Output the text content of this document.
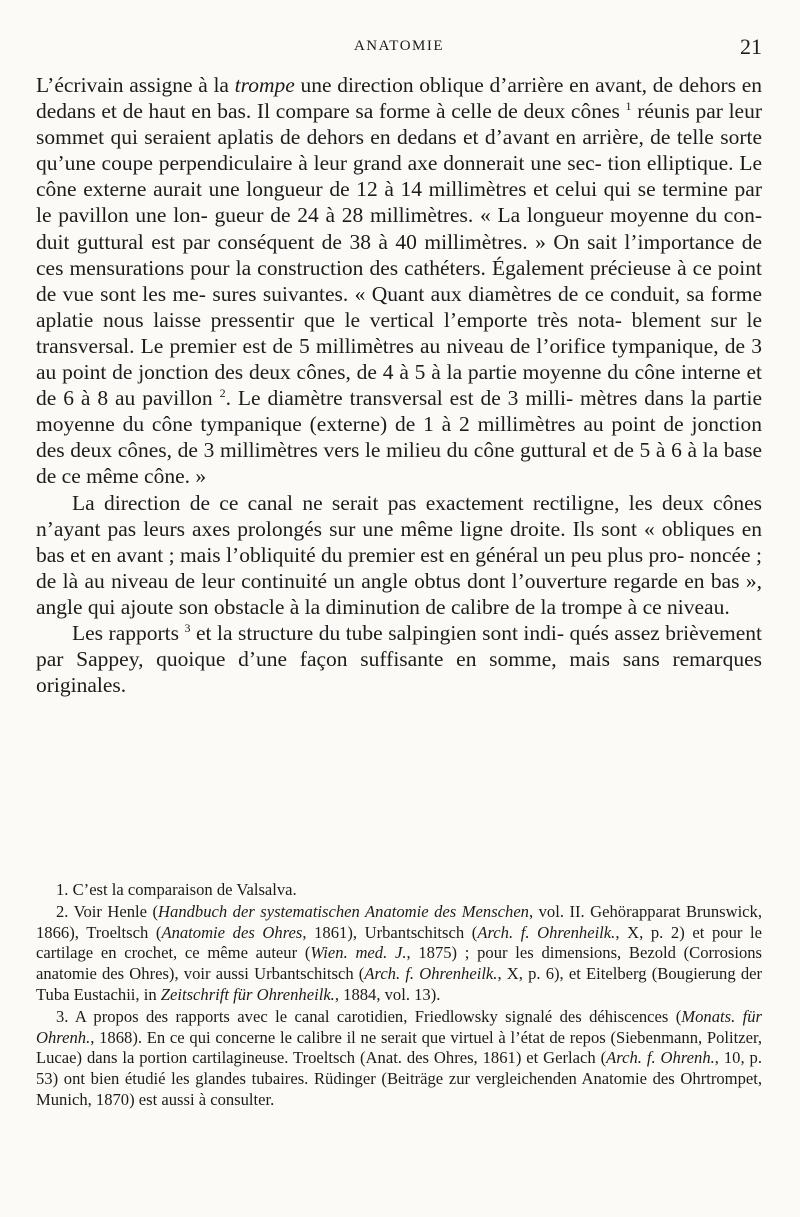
ANATOMIE	21

L’écrivain assigne à la trompe une direction oblique d’arrière en avant, de dehors en dedans et de haut en bas. Il compare sa forme à celle de deux cônes $^1$ réunis par leur sommet qui seraient aplatis de dehors en dedans et d’avant en arrière, de telle sorte qu’une coupe perpendiculaire à leur grand axe donnerait une sec- tion elliptique. Le cône externe aurait une longueur de 12 à 14 millimètres et celui qui se termine par le pavillon une lon- gueur de 24 à 28 millimètres. « La longueur moyenne du con- duit guttural est par conséquent de 38 à 40 millimètres. » On sait l’importance de ces mensurations pour la construction des cathéters. Également précieuse à ce point de vue sont les me- sures suivantes. « Quant aux diamètres de ce conduit, sa forme aplatie nous laisse pressentir que le vertical l’emporte très nota- blement sur le transversal. Le premier est de 5 millimètres au niveau de l’orifice tympanique, de 3 au point de jonction des deux cônes, de 4 à 5 à la partie moyenne du cône interne et de 6 à 8 au pavillon $^2$. Le diamètre transversal est de 3 milli- mètres dans la partie moyenne du cône tympanique (externe) de 1 à 2 millimètres au point de jonction des deux cônes, de 3 millimètres vers le milieu du cône guttural et de 5 à 6 à la base de ce même cône. »

La direction de ce canal ne serait pas exactement rectiligne, les deux cônes n’ayant pas leurs axes prolongés sur une même ligne droite. Ils sont « obliques en bas et en avant ; mais l’obliquité du premier est en général un peu plus pro- noncée ; de là au niveau de leur continuité un angle obtus dont l’ouverture regarde en bas », angle qui ajoute son obstacle à la diminution de calibre de la trompe à ce niveau.

Les rapports $^3$ et la structure du tube salpingien sont indi- qués assez brièvement par Sappey, quoique d’une façon suffisante en somme, mais sans remarques originales.

1. C’est la comparaison de Valsalva.

2. Voir Henle (Handbuch der systematischen Anatomie des Menschen, vol. II. Gehörapparat Brunswick, 1866), Troeltsch (Anatomie des Ohres, 1861), Urbantschitsch (Arch. f. Ohrenheilk., X, p. 2) et pour le cartilage en crochet, ce même auteur (Wien. med. J., 1875) ; pour les dimensions, Bezold (Corrosions anatomie des Ohres), voir aussi Urbantschitsch (Arch. f. Ohrenheilk., X, p. 6), et Eitelberg (Bougierung der Tuba Eustachii, in Zeitschrift für Ohrenheilk., 1884, vol. 13).

3. A propos des rapports avec le canal carotidien, Friedlowsky signalé des déhiscences (Monats. für Ohrenh., 1868). En ce qui concerne le calibre il ne serait que virtuel à l’état de repos (Siebenmann, Politzer, Lucae) dans la portion cartilagineuse. Troeltsch (Anat. des Ohres, 1861) et Gerlach (Arch. f. Ohrenh., 10, p. 53) ont bien étudié les glandes tubaires. Rüdinger (Beiträge zur vergleichenden Anatomie des Ohrtrompet, Munich, 1870) est aussi à consulter.
